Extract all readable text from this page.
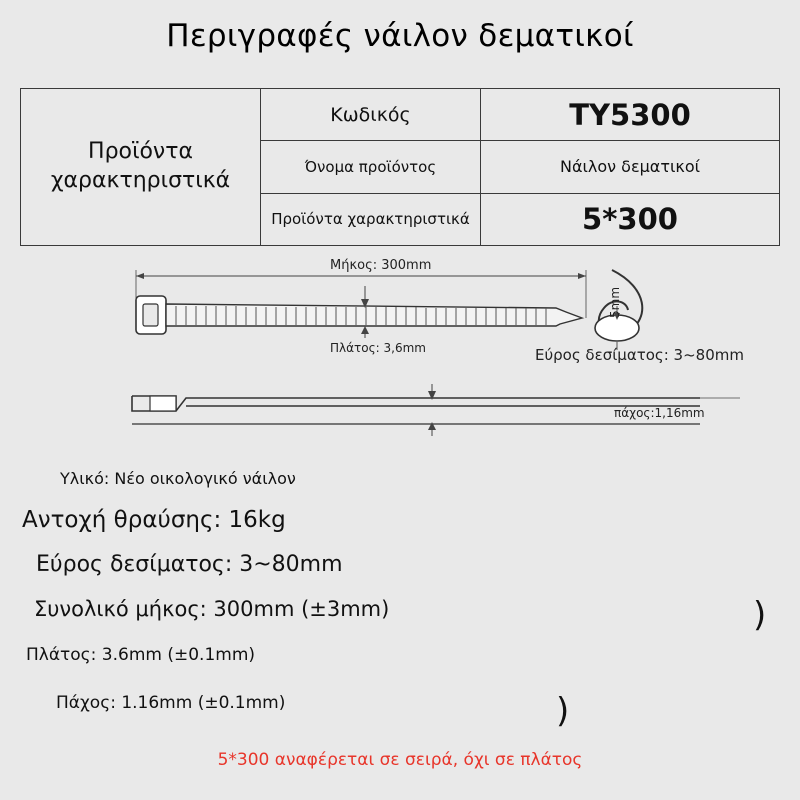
Περιγραφές νάιλον δεματικοί
Προϊόντα χαρακτηριστικά
Κωδικός	TY5300
Όνομα προϊόντος	Νάιλον δεματικοί
Προϊόντα χαρακτηριστικά	5*300
Μήκος: 300mm
Πλάτος: 3,6mm
5mm
Εύρος δεσίματος: 3~80mm
πάχος:1,16mm
Υλικό: Νέο οικολογικό νάιλον
Αντοχή θραύσης: 16kg
Εύρος δεσίματος: 3~80mm
Συνολικό μήκος: 300mm (±3mm)
Πλάτος: 3.6mm (±0.1mm)
Πάχος: 1.16mm (±0.1mm)
)
)
5*300 αναφέρεται σε σειρά, όχι σε πλάτος
